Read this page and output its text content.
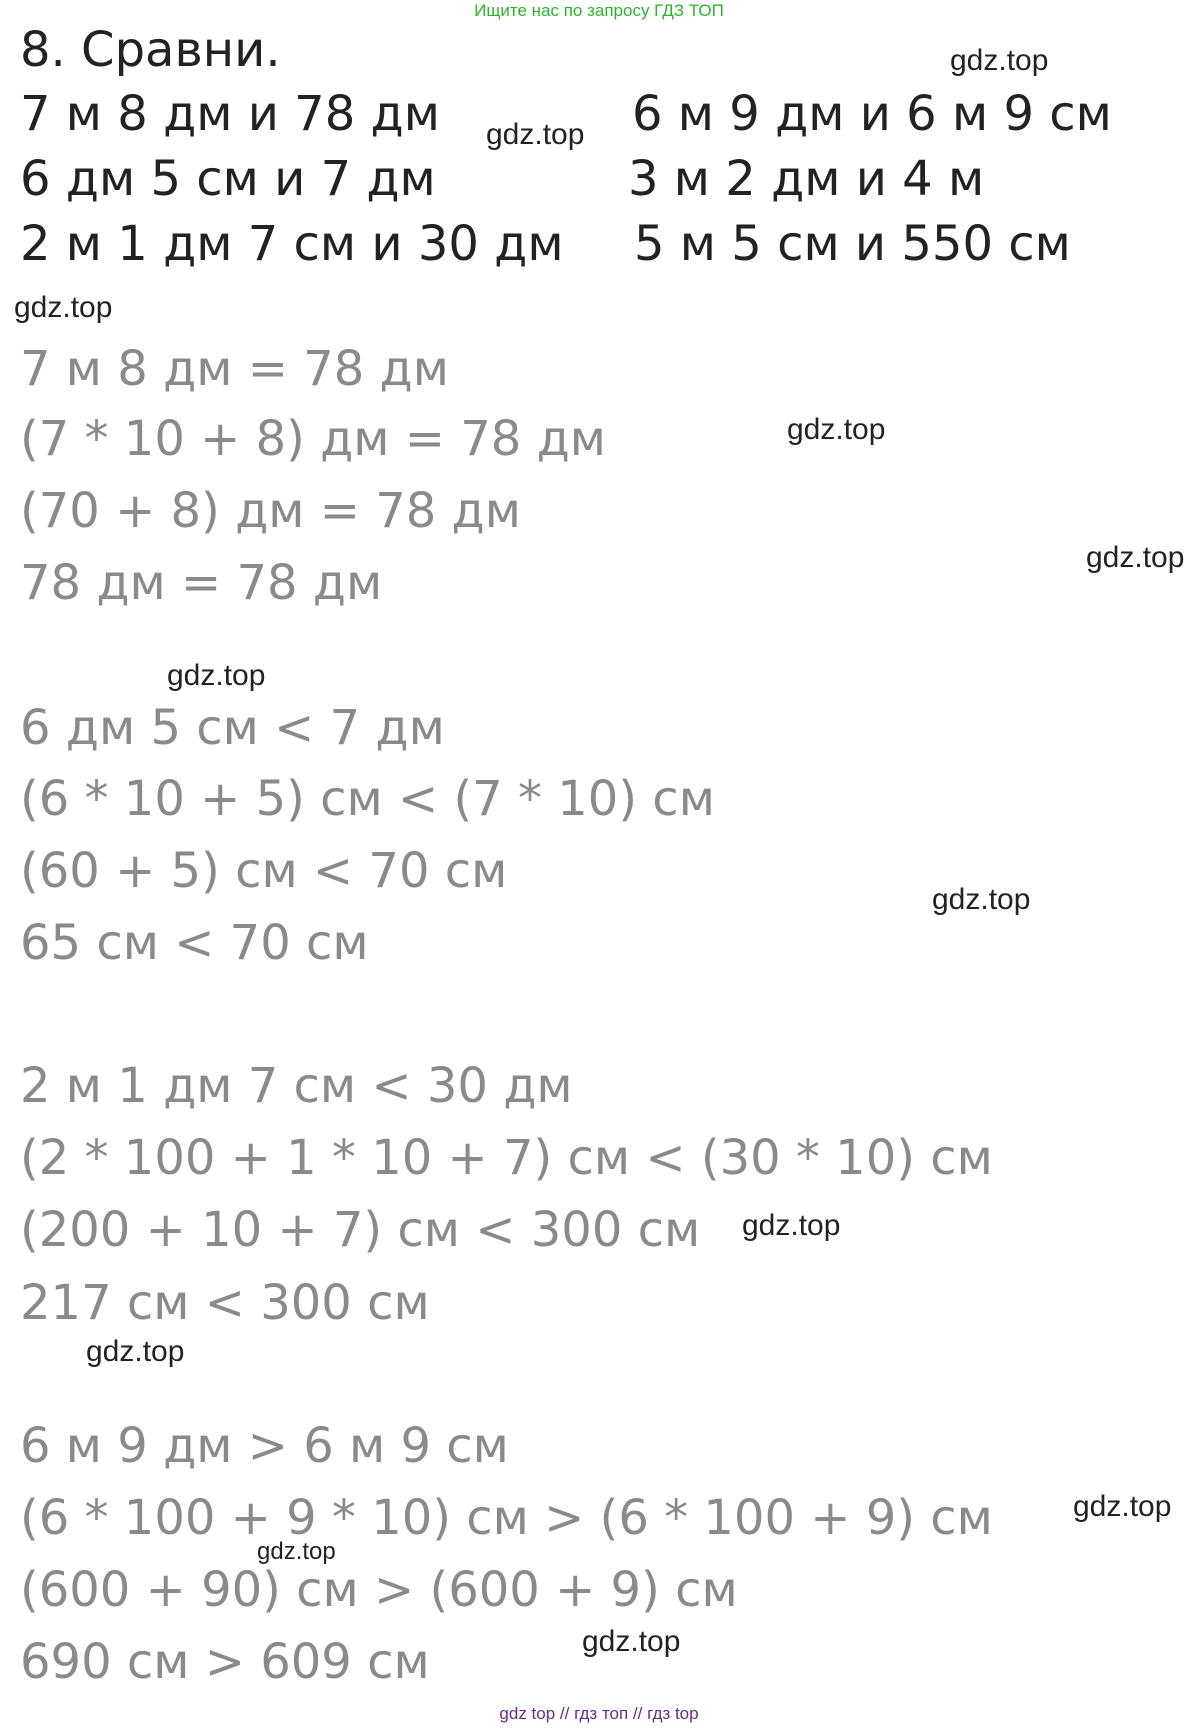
Ищите нас по запросу ГДЗ ТОП
8. Сравни.
7 м 8 дм и 78 дм
6 дм 5 см и 7 дм
2 м 1 дм 7 см и 30 дм
6 м 9 дм и 6 м 9 см
3 м 2 дм и 4 м
5 м 5 см и 550 см
7 м 8 дм = 78 дм
(7 * 10 + 8) дм = 78 дм
(70 + 8) дм = 78 дм
78 дм = 78 дм
6 дм 5 см < 7 дм
(6 * 10 + 5) см < (7 * 10) см
(60 + 5) см < 70 см
65 см < 70 см
2 м 1 дм 7 см < 30 дм
(2 * 100 + 1 * 10 + 7) см < (30 * 10) см
(200 + 10 + 7) см < 300 см
217 см < 300 см
6 м 9 дм > 6 м 9 см
(6 * 100 + 9 * 10) см > (6 * 100 + 9) см
(600 + 90) см > (600 + 9) см
690 см > 609 см
gdz.top
gdz.top
gdz.top
gdz.top
gdz.top
gdz.top
gdz.top
gdz.top
gdz.top
gdz.top
gdz.top
gdz.top
gdz top // гдз топ // гдз top
